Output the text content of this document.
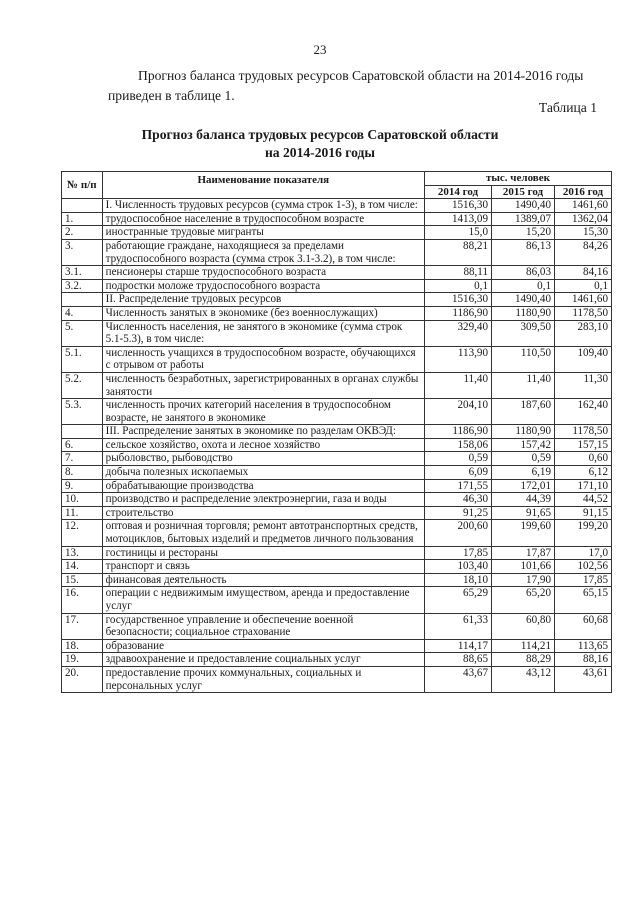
23
Прогноз баланса трудовых ресурсов Саратовской области на 2014-2016 годы приведен в таблице 1.
Таблица 1
Прогноз баланса трудовых ресурсов Саратовской области
на 2014-2016 годы
№ п/п	Наименование показателя	тыс. человек		
		2014 год	2015 год	2016 год
	I. Численность трудовых ресурсов (сумма строк 1-3), в том числе:	1516,30	1490,40	1461,60
1.	трудоспособное население в трудоспособном возрасте	1413,09	1389,07	1362,04
2.	иностранные трудовые мигранты	15,0	15,20	15,30
3.	работающие граждане, находящиеся за пределами трудоспособного возраста (сумма строк 3.1-3.2), в том числе:	88,21	86,13	84,26
3.1.	пенсионеры старше трудоспособного возраста	88,11	86,03	84,16
3.2.	подростки моложе трудоспособного возраста	0,1	0,1	0,1
	II. Распределение трудовых ресурсов	1516,30	1490,40	1461,60
4.	Численность занятых в экономике (без военнослужащих)	1186,90	1180,90	1178,50
5.	Численность населения, не занятого в экономике (сумма строк 5.1-5.3), в том числе:	329,40	309,50	283,10
5.1.	численность учащихся в трудоспособном возрасте, обучающихся с отрывом от работы	113,90	110,50	109,40
5.2.	численность безработных, зарегистрированных в органах службы занятости	11,40	11,40	11,30
5.3.	численность прочих категорий населения в трудоспособном возрасте, не занятого в экономике	204,10	187,60	162,40
	III. Распределение занятых в экономике по разделам ОКВЭД:	1186,90	1180,90	1178,50
6.	сельское хозяйство, охота и лесное хозяйство	158,06	157,42	157,15
7.	рыболовство, рыбоводство	0,59	0,59	0,60
8.	добыча полезных ископаемых	6,09	6,19	6,12
9.	обрабатывающие производства	171,55	172,01	171,10
10.	производство и распределение электроэнергии, газа и воды	46,30	44,39	44,52
11.	строительство	91,25	91,65	91,15
12.	оптовая и розничная торговля; ремонт автотранспортных средств, мотоциклов, бытовых изделий и предметов личного пользования	200,60	199,60	199,20
13.	гостиницы и рестораны	17,85	17,87	17,0
14.	транспорт и связь	103,40	101,66	102,56
15.	финансовая деятельность	18,10	17,90	17,85
16.	операции с недвижимым имуществом, аренда и предоставление услуг	65,29	65,20	65,15
17.	государственное управление и обеспечение военной безопасности; социальное страхование	61,33	60,80	60,68
18.	образование	114,17	114,21	113,65
19.	здравоохранение и предоставление социальных услуг	88,65	88,29	88,16
20.	предоставление прочих коммунальных, социальных и персональных услуг	43,67	43,12	43,61
